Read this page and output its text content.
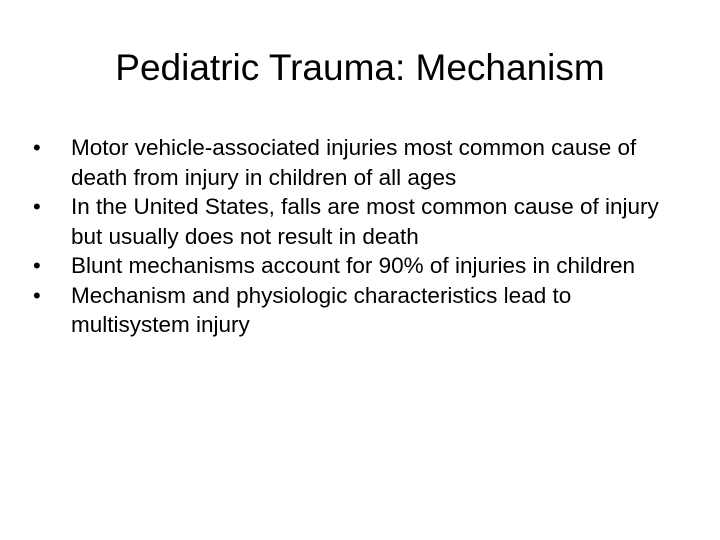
Pediatric Trauma: Mechanism
• Motor vehicle-associated injuries most common cause of death from injury in children of all ages
• In the United States, falls are most common cause of injury but usually does not result in death
• Blunt mechanisms account for 90% of injuries in children
• Mechanism and physiologic characteristics lead to multisystem injury
